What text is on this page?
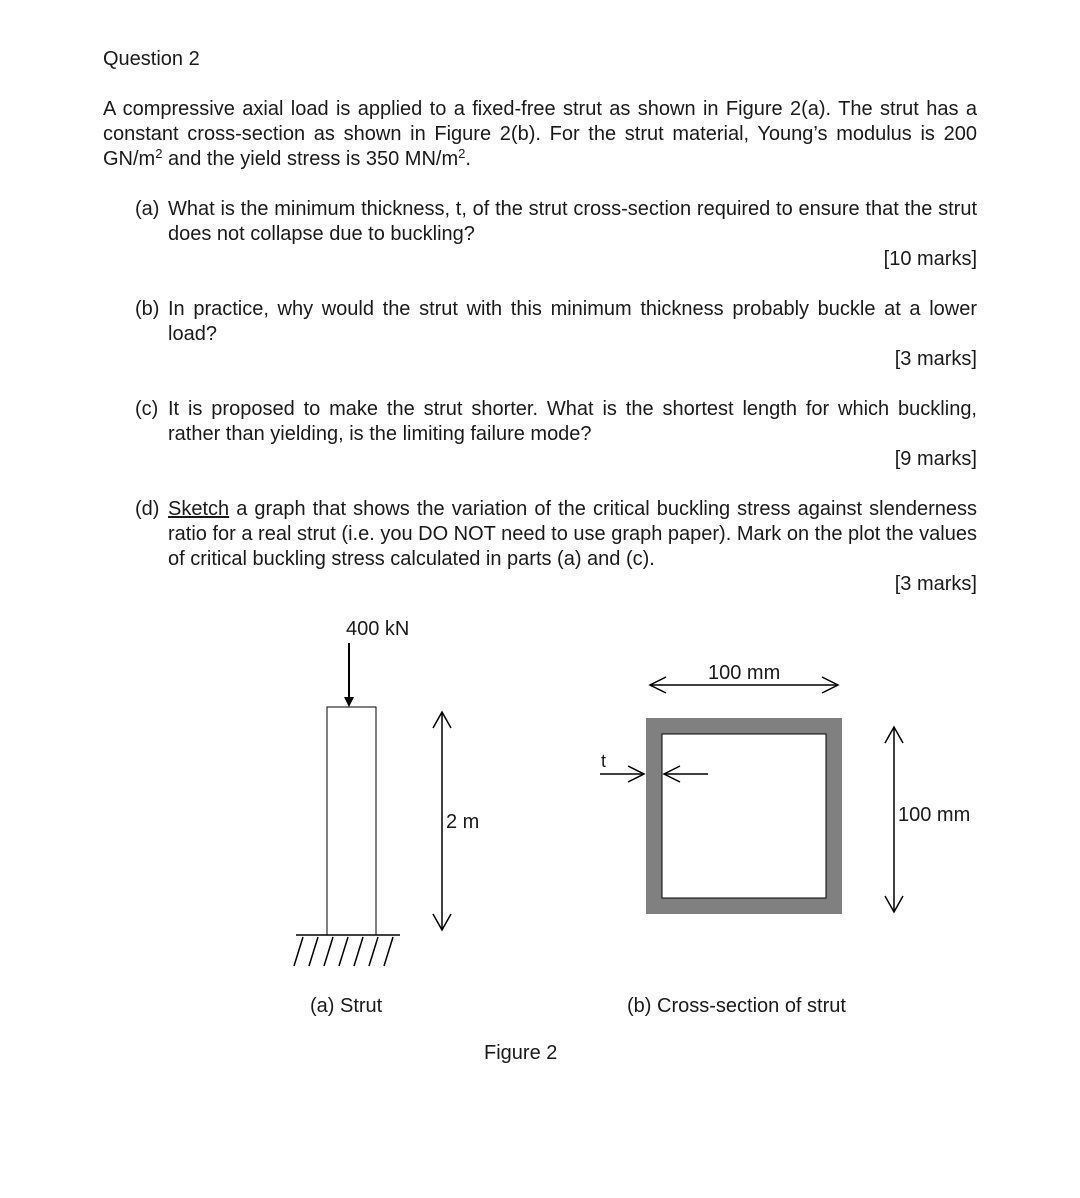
Question 2

A compressive axial load is applied to a fixed-free strut as shown in Figure 2(a). The strut has a constant cross-section as shown in Figure 2(b). For the strut material, Young’s modulus is 200 $GN/m^2$ and the yield stress is 350 $MN/m^2$.

(a) What is the minimum thickness, t, of the strut cross-section required to ensure that the strut does not collapse due to buckling?

[10 marks]
(b) In practice, why would the strut with this minimum thickness probably buckle at a lower load?

[3 marks]
(c) It is proposed to make the strut shorter. What is the shortest length for which buckling, rather than yielding, is the limiting failure mode?

[9 marks]
(d) Sketch a graph that shows the variation of the critical buckling stress against slenderness ratio for a real strut (i.e. you DO NOT need to use graph paper). Mark on the plot the values of critical buckling stress calculated in parts (a) and (c).

[3 marks]
400 kN
2 m
(a) Strut
100 mm
t
100 mm
(b) Cross-section of strut
Figure 2
